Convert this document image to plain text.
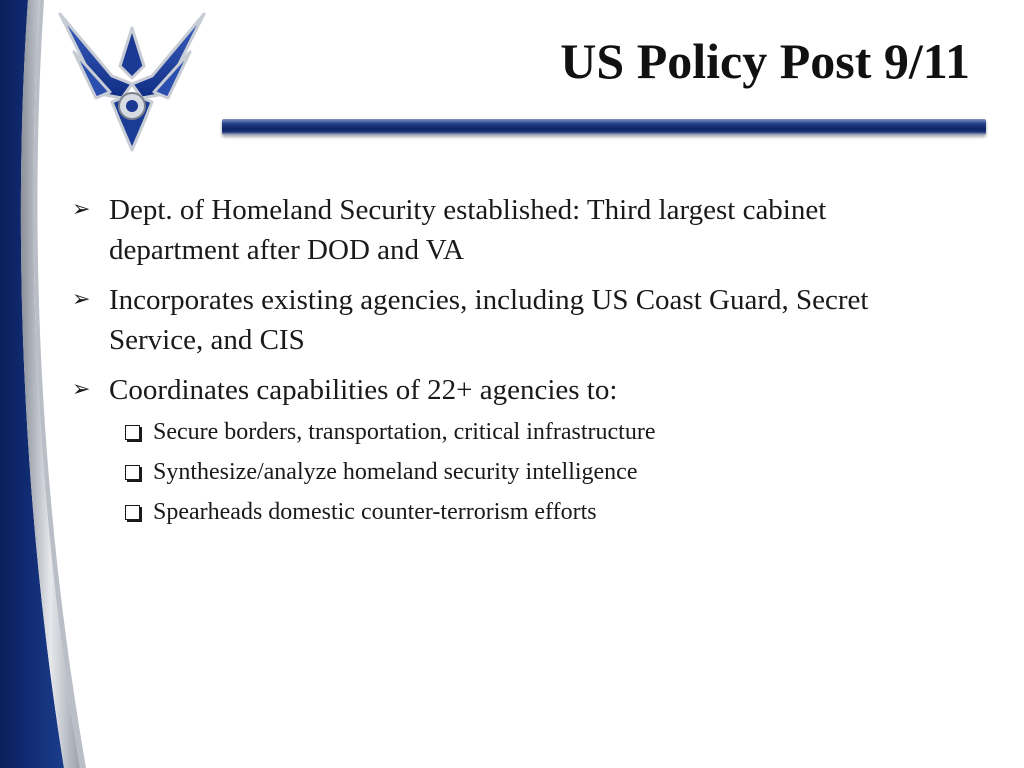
US Policy Post 9/11
➢ Dept. of Homeland Security established: Third largest cabinet department after DOD and VA
➢ Incorporates existing agencies, including US Coast Guard, Secret Service, and CIS
➢ Coordinates capabilities of 22+ agencies to:
Secure borders, transportation, critical infrastructure
Synthesize/analyze homeland security intelligence
Spearheads domestic counter-terrorism efforts
